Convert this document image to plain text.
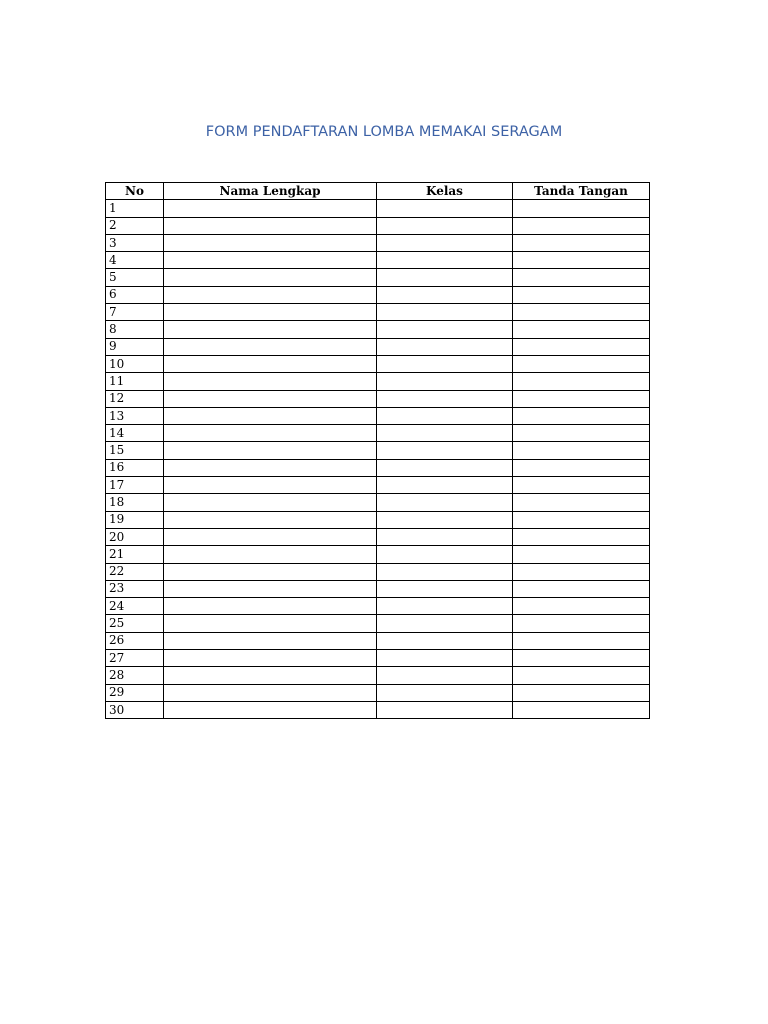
FORM PENDAFTARAN LOMBA MEMAKAI SERAGAM
No	Nama Lengkap	Kelas	Tanda Tangan
1			
2			
3			
4			
5			
6			
7			
8			
9			
10			
11			
12			
13			
14			
15			
16			
17			
18			
19			
20			
21			
22			
23			
24			
25			
26			
27			
28			
29			
30			
